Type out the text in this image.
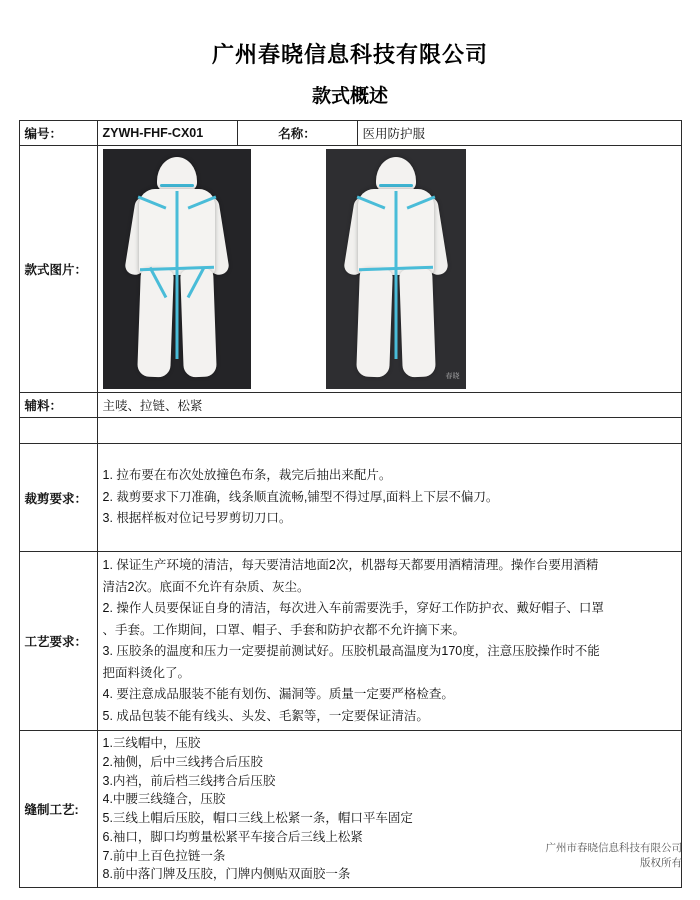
广州春晓信息科技有限公司
款式概述
编号：	ZYWH-FHF-CX01	名称：	医用防护服
款式图片：	春晓		

辅料：	主唛、拉链、松紧		

裁剪要求：	1. 拉布要在布次处放撞色布条，裁完后抽出来配片。
2. 裁剪要求下刀准确，线条顺直流畅,铺型不得过厚,面料上下层不偏刀。
3. 根据样板对位记号罗剪切刀口。		

工艺要求：	
1. 保证生产环境的清洁，每天要清洁地面2次，机器每天都要用酒精清理。操作台要用酒精
清洁2次。底面不允许有杂质、灰尘。
2. 操作人员要保证自身的清洁，每次进入车前需要洗手，穿好工作防护衣、戴好帽子、口罩
、手套。工作期间，口罩、帽子、手套和防护衣都不允许摘下来。
3. 压胶条的温度和压力一定要提前测试好。压胶机最高温度为170度，注意压胶操作时不能
把面料烫化了。
4. 要注意成品服装不能有划伤、漏洞等。质量一定要严格检查。
5. 成品包装不能有线头、头发、毛絮等，一定要保证清洁。

缝制工艺:	
1.三线帽中，压胶
2.袖侧，后中三线拷合后压胶
3.内裆，前后档三线拷合后压胶
4.中腰三线缝合，压胶
5.三线上帽后压胶，帽口三线上松紧一条，帽口平车固定
6.袖口，脚口均剪量松紧平车接合后三线上松紧
7.前中上百色拉链一条
8.前中落门牌及压胶，门牌内侧贴双面胶一条
广州市春晓信息科技有限公司
版权所有
